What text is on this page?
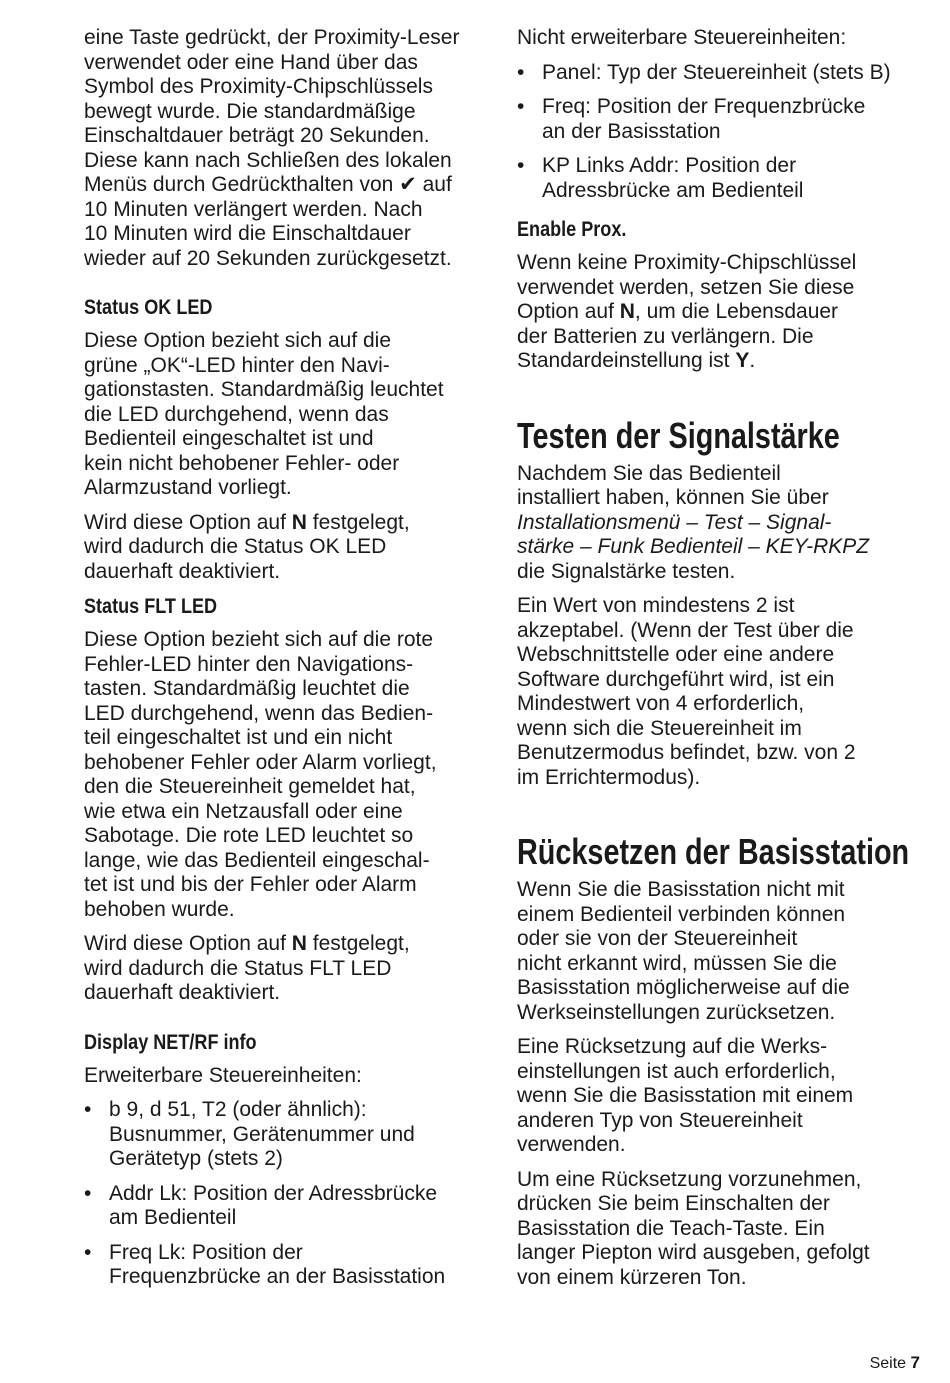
eine Taste gedrückt, der Proximity-Leser
verwendet oder eine Hand über das
Symbol des Proximity-Chipschlüssels
bewegt wurde. Die standardmäßige
Einschaltdauer beträgt 20 Sekunden.
Diese kann nach Schließen des lokalen
Menüs durch Gedrückthalten von ✔ auf
10 Minuten verlängert werden. Nach
10 Minuten wird die Einschaltdauer
wieder auf 20 Sekunden zurückgesetzt.

Status OK LED

Diese Option bezieht sich auf die
grüne „OK“-LED hinter den Navi-
gationstasten. Standardmäßig leuchtet
die LED durchgehend, wenn das
Bedienteil eingeschaltet ist und
kein nicht behobener Fehler- oder
Alarmzustand vorliegt.

Wird diese Option auf N festgelegt,
wird dadurch die Status OK LED
dauerhaft deaktiviert.

Status FLT LED

Diese Option bezieht sich auf die rote
Fehler-LED hinter den Navigations-
tasten. Standardmäßig leuchtet die
LED durchgehend, wenn das Bedien-
teil eingeschaltet ist und ein nicht
behobener Fehler oder Alarm vorliegt,
den die Steuereinheit gemeldet hat,
wie etwa ein Netzausfall oder eine
Sabotage. Die rote LED leuchtet so
lange, wie das Bedienteil eingeschal-
tet ist und bis der Fehler oder Alarm
behoben wurde.

Wird diese Option auf N festgelegt,
wird dadurch die Status FLT LED
dauerhaft deaktiviert.

Display NET/RF info

Erweiterbare Steuereinheiten:

• b 9, d 51, T2 (oder ähnlich):
Busnummer, Gerätenummer und
Gerätetyp (stets 2)
• Addr Lk: Position der Adressbrücke
am Bedienteil
• Freq Lk: Position der
Frequenzbrücke an der Basisstation

Nicht erweiterbare Steuereinheiten:

• Panel: Typ der Steuereinheit (stets B)
• Freq: Position der Frequenzbrücke
an der Basisstation
• KP Links Addr: Position der
Adressbrücke am Bedienteil
Enable Prox.

Wenn keine Proximity-Chipschlüssel
verwendet werden, setzen Sie diese
Option auf N, um die Lebensdauer
der Batterien zu verlängern. Die
Standardeinstellung ist Y.

Testen der Signalstärke

Nachdem Sie das Bedienteil
installiert haben, können Sie über
Installationsmenü – Test – Signal-
stärke – Funk Bedienteil – KEY-RKPZ
die Signalstärke testen.

Ein Wert von mindestens 2 ist
akzeptabel. (Wenn der Test über die
Webschnittstelle oder eine andere
Software durchgeführt wird, ist ein
Mindestwert von 4 erforderlich,
wenn sich die Steuereinheit im
Benutzermodus befindet, bzw. von 2
im Errichtermodus).

Rücksetzen der Basisstation

Wenn Sie die Basisstation nicht mit
einem Bedienteil verbinden können
oder sie von der Steuereinheit
nicht erkannt wird, müssen Sie die
Basisstation möglicherweise auf die
Werkseinstellungen zurücksetzen.

Eine Rücksetzung auf die Werks-
einstellungen ist auch erforderlich,
wenn Sie die Basisstation mit einem
anderen Typ von Steuereinheit
verwenden.

Um eine Rücksetzung vorzunehmen,
drücken Sie beim Einschalten der
Basisstation die Teach-Taste. Ein
langer Piepton wird ausgeben, gefolgt
von einem kürzeren Ton.

Seite 7
